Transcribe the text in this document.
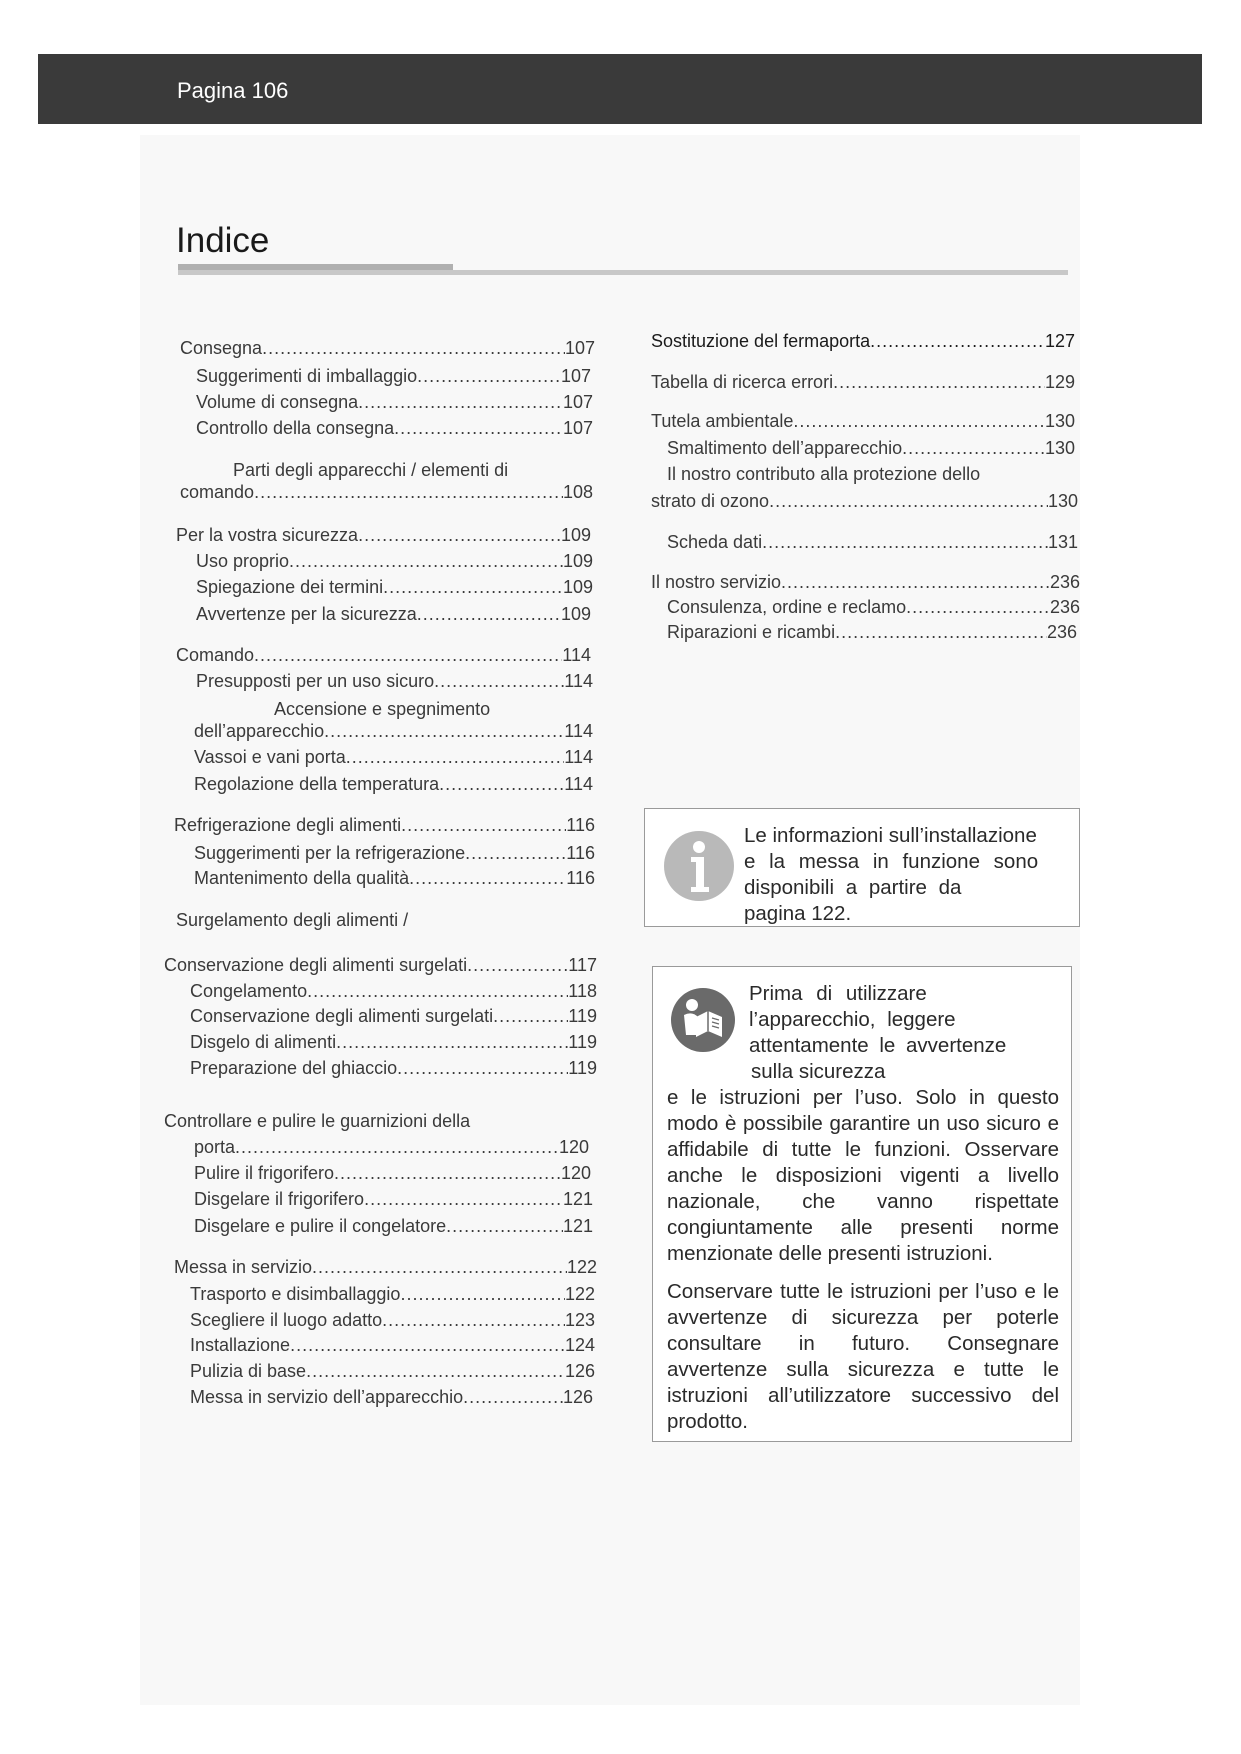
Pagina 106
Indice
Consegna .....	107
Suggerimenti di imballaggio .....	107
Volume di consegna .....	107
Controllo della consegna .....	107
Parti degli apparecchi / elementi di
comando .....	108
Per la vostra sicurezza .....	109
Uso proprio .....	109
Spiegazione dei termini .....	109
Avvertenze per la sicurezza .....	109
Comando .....	114
Presupposti per un uso sicuro .....	114
Accensione e spegnimento
dell’apparecchio .....	114
Vassoi e vani porta .....	114
Regolazione della temperatura .....	114
Refrigerazione degli alimenti .....	116
Suggerimenti per la refrigerazione .....	116
Mantenimento della qualità .....	116
Surgelamento degli alimenti /
Conservazione degli alimenti surgelati .....	117
Congelamento .....	118
Conservazione degli alimenti surgelati .....	119
Disgelo di alimenti .....	119
Preparazione del ghiaccio .....	119
Controllare e pulire le guarnizioni della
porta .....	120
Pulire il frigorifero .....	120
Disgelare il frigorifero .....	121
Disgelare e pulire il congelatore .....	121
Messa in servizio .....	122
Trasporto e disimballaggio .....	122
Scegliere il luogo adatto .....	123
Installazione .....	124
Pulizia di base .....	126
Messa in servizio dell’apparecchio .....	126
Sostituzione del fermaporta .....	127
Tabella di ricerca errori .....	129
Tutela ambientale .....	130
Smaltimento dell’apparecchio .....	130
Il nostro contributo alla protezione dello
strato di ozono .....	130
Scheda dati .....	131
Il nostro servizio .....	236
Consulenza, ordine e reclamo .....	236
Riparazioni e ricambi .....	236
Le informazioni sull’installazione
e la messa in funzione sono
disponibili a partire da
pagina 122.
Prima di utilizzare
l’apparecchio, leggere
attentamente le avvertenze
sulla sicurezza
e le istruzioni per l’uso. Solo in questo modo è possibile garantire un uso sicuro e affidabile di tutte le funzioni. Osservare anche le disposizioni vigenti a livello nazionale, che vanno rispettate congiuntamente alle presenti norme menzionate delle presenti istruzioni.
Conservare tutte le istruzioni per l’uso e le avvertenze di sicurezza per poterle consultare in futuro. Consegnare avvertenze sulla sicurezza e tutte le istruzioni all’utilizzatore successivo del prodotto.
